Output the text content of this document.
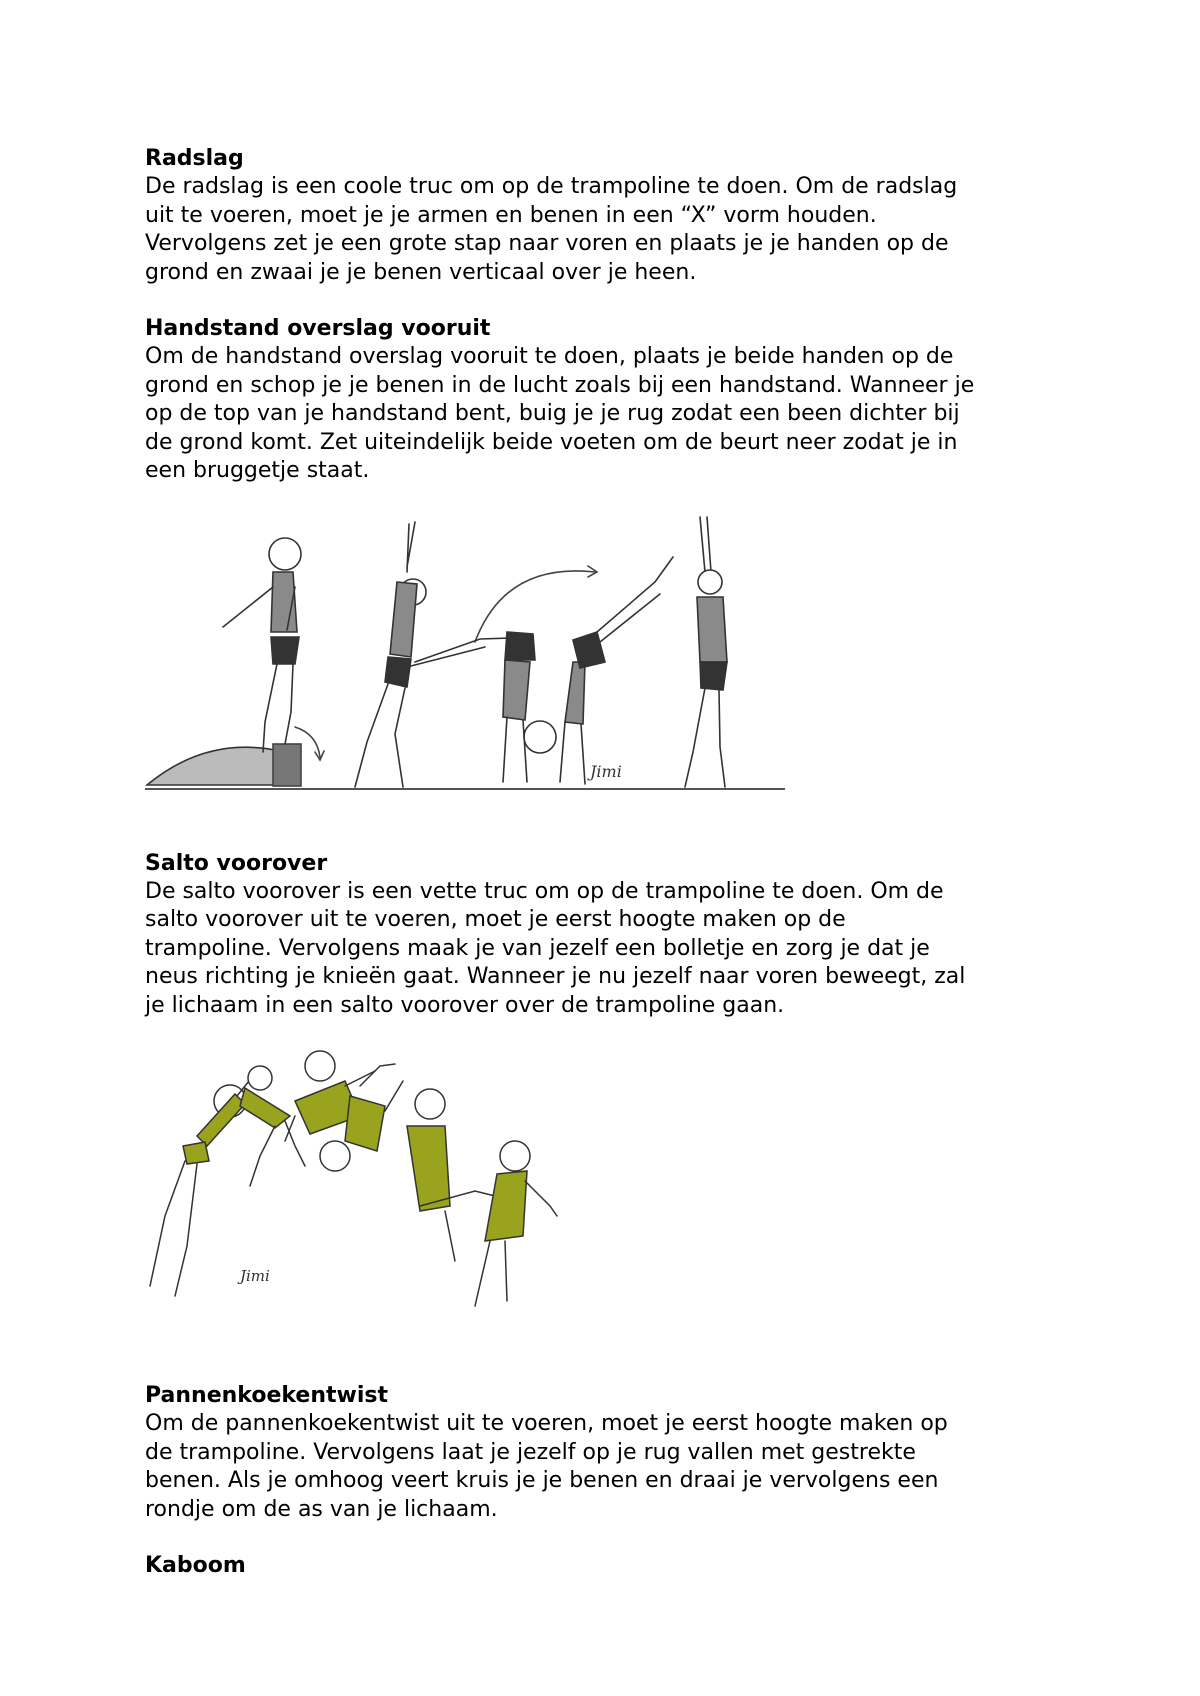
Radslag

De radslag is een coole truc om op de trampoline te doen. Om de radslag

uit te voeren, moet je je armen en benen in een “X” vorm houden.

Vervolgens zet je een grote stap naar voren en plaats je je handen op de

grond en zwaai je je benen verticaal over je heen.

Handstand overslag vooruit

Om de handstand overslag vooruit te doen, plaats je beide handen op de

grond en schop je je benen in de lucht zoals bij een handstand. Wanneer je

op de top van je handstand bent, buig je je rug zodat een been dichter bij

de grond komt. Zet uiteindelijk beide voeten om de beurt neer zodat je in

een bruggetje staat.

Jimi
Salto voorover

De salto voorover is een vette truc om op de trampoline te doen. Om de

salto voorover uit te voeren, moet je eerst hoogte maken op de

trampoline. Vervolgens maak je van jezelf een bolletje en zorg je dat je

neus richting je knieën gaat. Wanneer je nu jezelf naar voren beweegt, zal

je lichaam in een salto voorover over de trampoline gaan.

Jimi
Pannenkoekentwist

Om de pannenkoekentwist uit te voeren, moet je eerst hoogte maken op

de trampoline. Vervolgens laat je jezelf op je rug vallen met gestrekte

benen. Als je omhoog veert kruis je je benen en draai je vervolgens een

rondje om de as van je lichaam.

Kaboom
